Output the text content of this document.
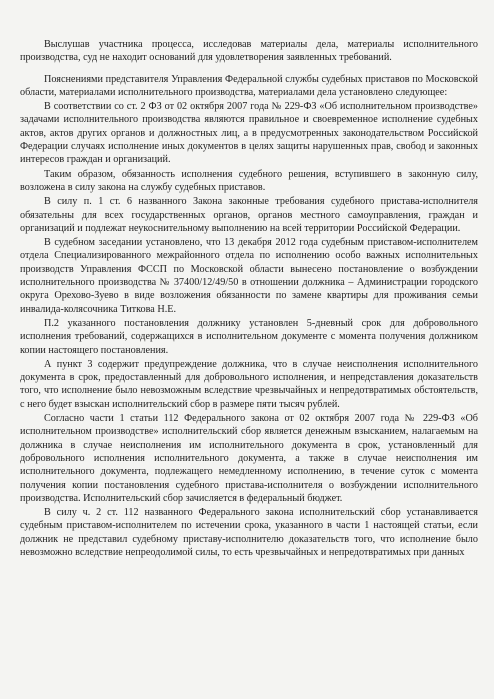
Выслушав участника процесса, исследовав материалы дела, материалы исполнительного производства, суд не находит оснований для удовлетворения заявленных требований.

Пояснениями представителя Управления Федеральной службы судебных приставов по Московской области, материалами исполнительного производства, материалами дела установлено следующее:

В соответствии со ст. 2 ФЗ от 02 октября 2007 года № 229-ФЗ «Об исполнительном производстве» задачами исполнительного производства являются правильное и своевременное исполнение судебных актов, актов других органов и должностных лиц, а в предусмотренных законодательством Российской Федерации случаях исполнение иных документов в целях защиты нарушенных прав, свобод и законных интересов граждан и организаций.

Таким образом, обязанность исполнения судебного решения, вступившего в законную силу, возложена в силу закона на службу судебных приставов.

В силу п. 1 ст. 6 названного Закона законные требования судебного пристава-исполнителя обязательны для всех государственных органов, органов местного самоуправления, граждан и организаций и подлежат неукоснительному выполнению на всей территории Российской Федерации.

В судебном заседании установлено, что 13 декабря 2012 года судебным приставом-исполнителем отдела Специализированного межрайонного отдела по исполнению особо важных исполнительных производств Управления ФССП по Московской области вынесено постановление о возбуждении исполнительного производства № 37400/12/49/50 в отношении должника – Администрации городского округа Орехово-Зуево в виде возложения обязанности по замене квартиры для проживания семьи инвалида-колясочника Титкова Н.Е.

П.2 указанного постановления должнику установлен 5-дневный срок для добровольного исполнения требований, содержащихся в исполнительном документе с момента получения должником копии настоящего постановления.

А пункт 3 содержит предупреждение должника, что в случае неисполнения исполнительного документа в срок, предоставленный для добровольного исполнения, и непредставления доказательств того, что исполнение было невозможным вследствие чрезвычайных и непредотвратимых обстоятельств, с него будет взыскан исполнительский сбор в размере пяти тысяч рублей.

Согласно части 1 статьи 112 Федерального закона от 02 октября 2007 года № 229-ФЗ «Об исполнительном производстве» исполнительский сбор является денежным взысканием, налагаемым на должника в случае неисполнения им исполнительного документа в срок, установленный для добровольного исполнения исполнительного документа, а также в случае неисполнения им исполнительного документа, подлежащего немедленному исполнению, в течение суток с момента получения копии постановления судебного пристава-исполнителя о возбуждении исполнительного производства. Исполнительский сбор зачисляется в федеральный бюджет.

В силу ч. 2 ст. 112 названного Федерального закона исполнительский сбор устанавливается судебным приставом-исполнителем по истечении срока, указанного в части 1 настоящей статьи, если должник не представил судебному приставу-исполнителю доказательств того, что исполнение было невозможно вследствие непреодолимой силы, то есть чрезвычайных и непредотвратимых при данных
